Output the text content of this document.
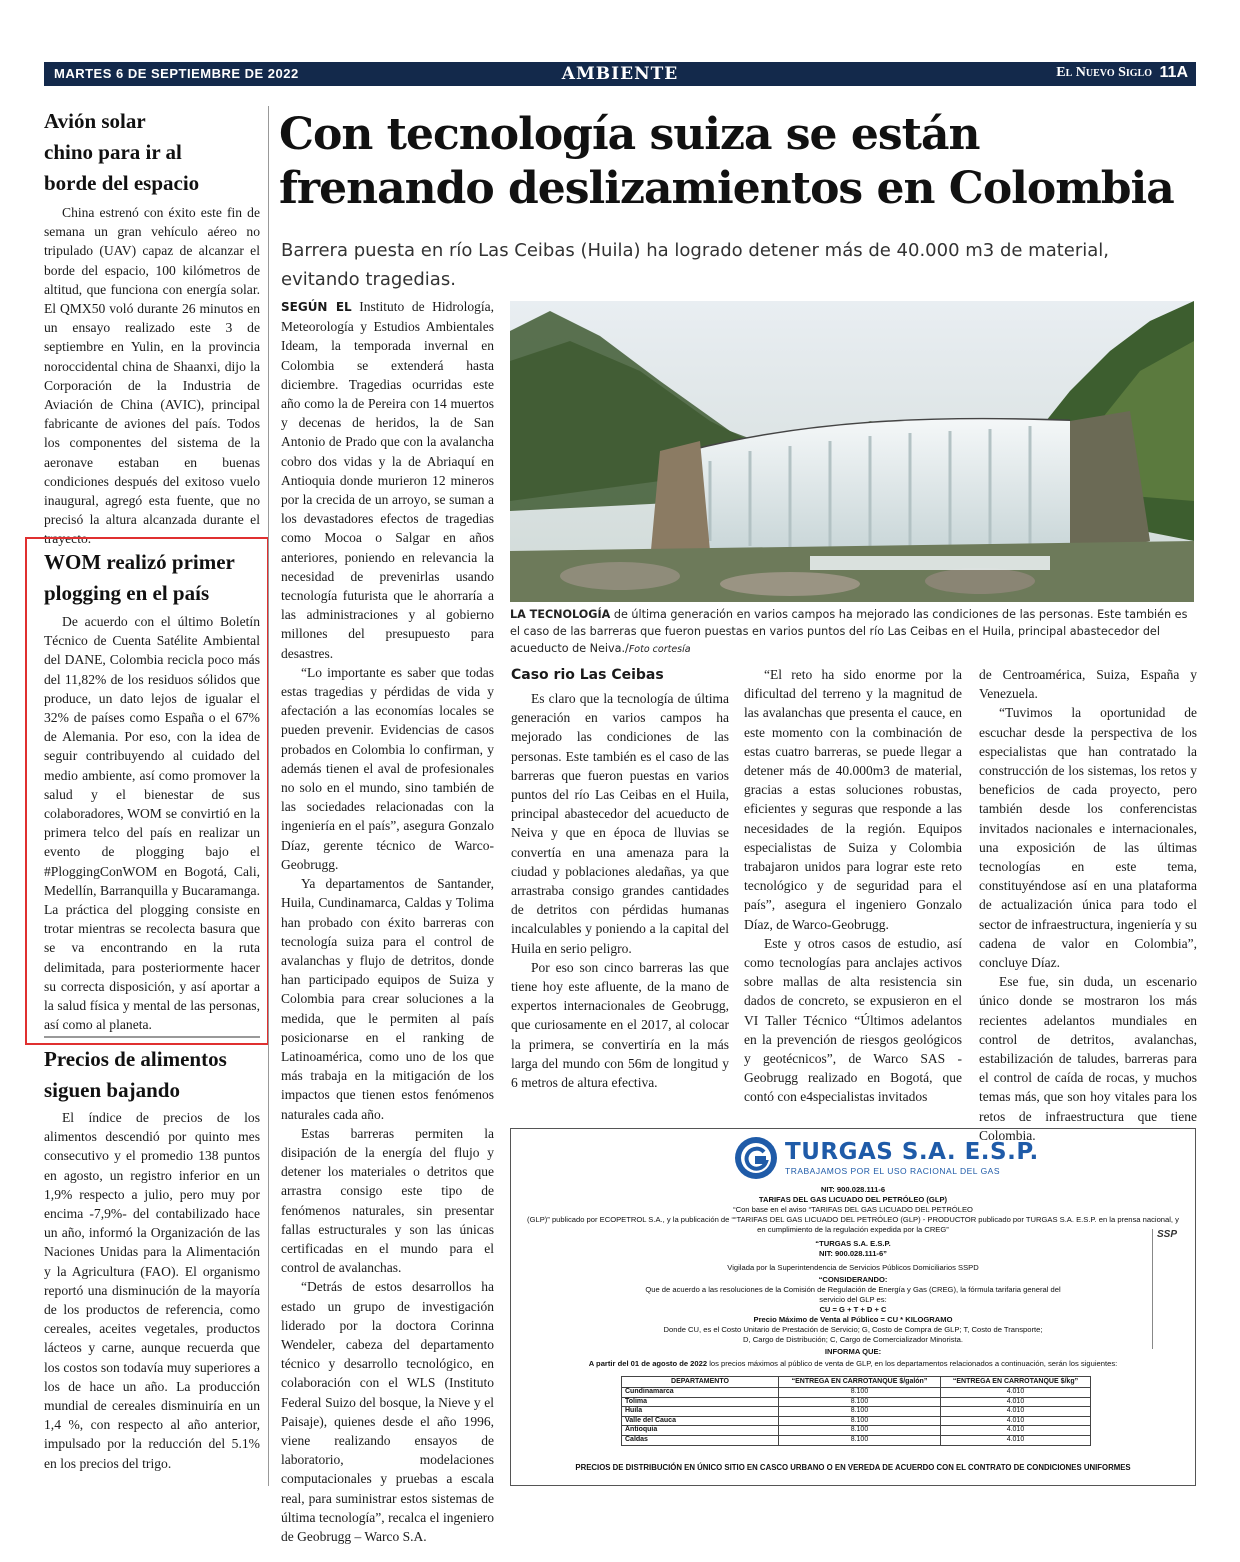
MARTES 6 DE SEPTIEMBRE DE 2022	AMBIENTE	El Nuevo Siglo 11A
Avión solar
chino para ir al
borde del espacio

China estrenó con éxito este fin de semana un gran vehículo aéreo no tripulado (UAV) capaz de alcanzar el borde del espacio, 100 kilómetros de altitud, que funciona con energía solar. El QMX50 voló durante 26 minutos en un ensayo realizado este 3 de septiembre en Yulin, en la provincia noroccidental china de Shaanxi, dijo la Corporación de la Industria de Aviación de China (AVIC), principal fabricante de aviones del país. Todos los componentes del sistema de la aeronave estaban en buenas condiciones después del exitoso vuelo inaugural, agregó esta fuente, que no precisó la altura alcanzada durante el trayecto.

WOM realizó primer
plogging en el país

De acuerdo con el último Boletín Técnico de Cuenta Satélite Ambiental del DANE, Colombia recicla poco más del 11,82% de los residuos sólidos que produce, un dato lejos de igualar el 32% de países como España o el 67% de Alemania. Por eso, con la idea de seguir contribuyendo al cuidado del medio ambiente, así como promover la salud y el bienestar de sus colaboradores, WOM se convirtió en la primera telco del país en realizar un evento de plogging bajo el #PloggingConWOM en Bogotá, Cali, Medellín, Barranquilla y Bucaramanga. La práctica del plogging consiste en trotar mientras se recolecta basura que se va encontrando en la ruta delimitada, para posteriormente hacer su correcta disposición, y así aportar a la salud física y mental de las personas, así como al planeta.

Precios de alimentos
siguen bajando

El índice de precios de los alimentos descendió por quinto mes consecutivo y el promedio 138 puntos en agosto, un registro inferior en un 1,9% respecto a julio, pero muy por encima -7,9%- del contabilizado hace un año, informó la Organización de las Naciones Unidas para la Alimentación y la Agricultura (FAO). El organismo reportó una disminución de la mayoría de los productos de referencia, como cereales, aceites vegetales, productos lácteos y carne, aunque recuerda que los costos son todavía muy superiores a los de hace un año. La producción mundial de cereales disminuiría en un 1,4 %, con respecto al año anterior, impulsado por la reducción del 5.1% en los precios del trigo.

Con tecnología suiza se están
frenando deslizamientos en Colombia

Barrera puesta en río Las Ceibas (Huila) ha logrado detener más de 40.000 m3 de material, evitando tragedias.

SEGÚN EL Instituto de Hidrología, Meteorología y Estudios Ambientales Ideam, la temporada invernal en Colombia se extenderá hasta diciembre. Tragedias ocurridas este año como la de Pereira con 14 muertos y decenas de heridos, la de San Antonio de Prado que con la avalancha cobro dos vidas y la de Abriaquí en Antioquia donde murieron 12 mineros por la crecida de un arroyo, se suman a los devastadores efectos de tragedias como Mocoa o Salgar en años anteriores, poniendo en relevancia la necesidad de prevenirlas usando tecnología futurista que le ahorraría a las administraciones y al gobierno millones del presupuesto para desastres.

“Lo importante es saber que todas estas tragedias y pérdidas de vida y afectación a las economías locales se pueden prevenir. Evidencias de casos probados en Colombia lo confirman, y además tienen el aval de profesionales no solo en el mundo, sino también de las sociedades relacionadas con la ingeniería en el país”, asegura Gonzalo Díaz, gerente técnico de Warco-Geobrugg.

Ya departamentos de Santander, Huila, Cundinamarca, Caldas y Tolima han probado con éxito barreras con tecnología suiza para el control de avalanchas y flujo de detritos, donde han participado equipos de Suiza y Colombia para crear soluciones a la medida, que le permiten al país posicionarse en el ranking de Latinoamérica, como uno de los que más trabaja en la mitigación de los impactos que tienen estos fenómenos naturales cada año.

Estas barreras permiten la disipación de la energía del flujo y detener los materiales o detritos que arrastra consigo este tipo de fenómenos naturales, sin presentar fallas estructurales y son las únicas certificadas en el mundo para el control de avalanchas.

“Detrás de estos desarrollos ha estado un grupo de investigación liderado por la doctora Corinna Wendeler, cabeza del departamento técnico y desarrollo tecnológico, en colaboración con el WLS (Instituto Federal Suizo del bosque, la Nieve y el Paisaje), quienes desde el año 1996, viene realizando ensayos de laboratorio, modelaciones computacionales y pruebas a escala real, para suministrar estos sistemas de última tecnología”, recalca el ingeniero de Geobrugg – Warco S.A.

LA TECNOLOGÍA de última generación en varios campos ha mejorado las condiciones de las personas. Este también es el caso de las barreras que fueron puestas en varios puntos del río Las Ceibas en el Huila, principal abastecedor del acueducto de Neiva./Foto cortesía

Caso rio Las Ceibas

Es claro que la tecnología de última generación en varios campos ha mejorado las condiciones de las personas. Este también es el caso de las barreras que fueron puestas en varios puntos del río Las Ceibas en el Huila, principal abastecedor del acueducto de Neiva y que en época de lluvias se convertía en una amenaza para la ciudad y poblaciones aledañas, ya que arrastraba consigo grandes cantidades de detritos con pérdidas humanas incalculables y poniendo a la capital del Huila en serio peligro.

Por eso son cinco barreras las que tiene hoy este afluente, de la mano de expertos internacionales de Geobrugg, que curiosamente en el 2017, al colocar la primera, se convertiría en la más larga del mundo con 56m de longitud y 6 metros de altura efectiva.

“El reto ha sido enorme por la dificultad del terreno y la magnitud de las avalanchas que presenta el cauce, en este momento con la combinación de estas cuatro barreras, se puede llegar a detener más de 40.000m3 de material, gracias a estas soluciones robustas, eficientes y seguras que responde a las necesidades de la región. Equipos especialistas de Suiza y Colombia trabajaron unidos para lograr este reto tecnológico y de seguridad para el país”, asegura el ingeniero Gonzalo Díaz, de Warco-Geobrugg.

Este y otros casos de estudio, así como tecnologías para anclajes activos sobre mallas de alta resistencia sin dados de concreto, se expusieron en el VI Taller Técnico “Últimos adelantos en la prevención de riesgos geológicos y geotécnicos”, de Warco SAS - Geobrugg realizado en Bogotá, que contó con e4specialistas invitados

de Centroamérica, Suiza, España y Venezuela.

“Tuvimos la oportunidad de escuchar desde la perspectiva de los especialistas que han contratado la construcción de los sistemas, los retos y beneficios de cada proyecto, pero también desde los conferencistas invitados nacionales e internacionales, una exposición de las últimas tecnologías en este tema, constituyéndose así en una plataforma de actualización única para todo el sector de infraestructura, ingeniería y su cadena de valor en Colombia”, concluye Díaz.

Ese fue, sin duda, un escenario único donde se mostraron los más recientes adelantos mundiales en control de detritos, avalanchas, estabilización de taludes, barreras para el control de caída de rocas, y muchos temas más, que son hoy vitales para los retos de infraestructura que tiene Colombia.

TURGAS S.A. E.S.P.
TRABAJAMOS POR EL USO RACIONAL DEL GAS

NIT: 900.028.111-6

TARIFAS DEL GAS LICUADO DEL PETRÓLEO (GLP)

“Con base en el aviso “TARIFAS DEL GAS LICUADO DEL PETRÓLEO

(GLP)” publicado por ECOPETROL S.A., y la publicación de ““TARIFAS DEL GAS LICUADO DEL PETRÓLEO (GLP) - PRODUCTOR publicado por TURGAS S.A. E.S.P. en la prensa nacional, y

en cumplimiento de la regulación expedida por la CREG”

“TURGAS S.A. E.S.P.

NIT: 900.028.111-6”

Vigilada por la Superintendencia de Servicios Públicos Domiciliarios SSPD

“CONSIDERANDO:

Que de acuerdo a las resoluciones de la Comisión de Regulación de Energía y Gas (CREG), la fórmula tarifaria general del

servicio del GLP es:

CU = G + T + D + C

Precio Máximo de Venta al Público = CU * KILOGRAMO

Donde CU, es el Costo Unitario de Prestación de Servicio; G, Costo de Compra de GLP; T, Costo de Transporte;

D, Cargo de Distribución; C, Cargo de Comercializador Minorista.

INFORMA QUE:

A partir del 01 de agosto de 2022 los precios máximos al público de venta de GLP, en los departamentos relacionados a continuación, serán los siguientes:

SSP
DEPARTAMENTO	“ENTREGA EN CARROTANQUE $/galón”	“ENTREGA EN CARROTANQUE $/kg”
Cundinamarca	8.100	4.010
Tolima	8.100	4.010
Huila	8.100	4.010
Valle del Cauca	8.100	4.010
Antioquia	8.100	4.010
Caldas	8.100	4.010

PRECIOS DE DISTRIBUCIÓN EN ÚNICO SITIO EN CASCO URBANO O EN VEREDA DE ACUERDO CON EL CONTRATO DE CONDICIONES UNIFORMES
